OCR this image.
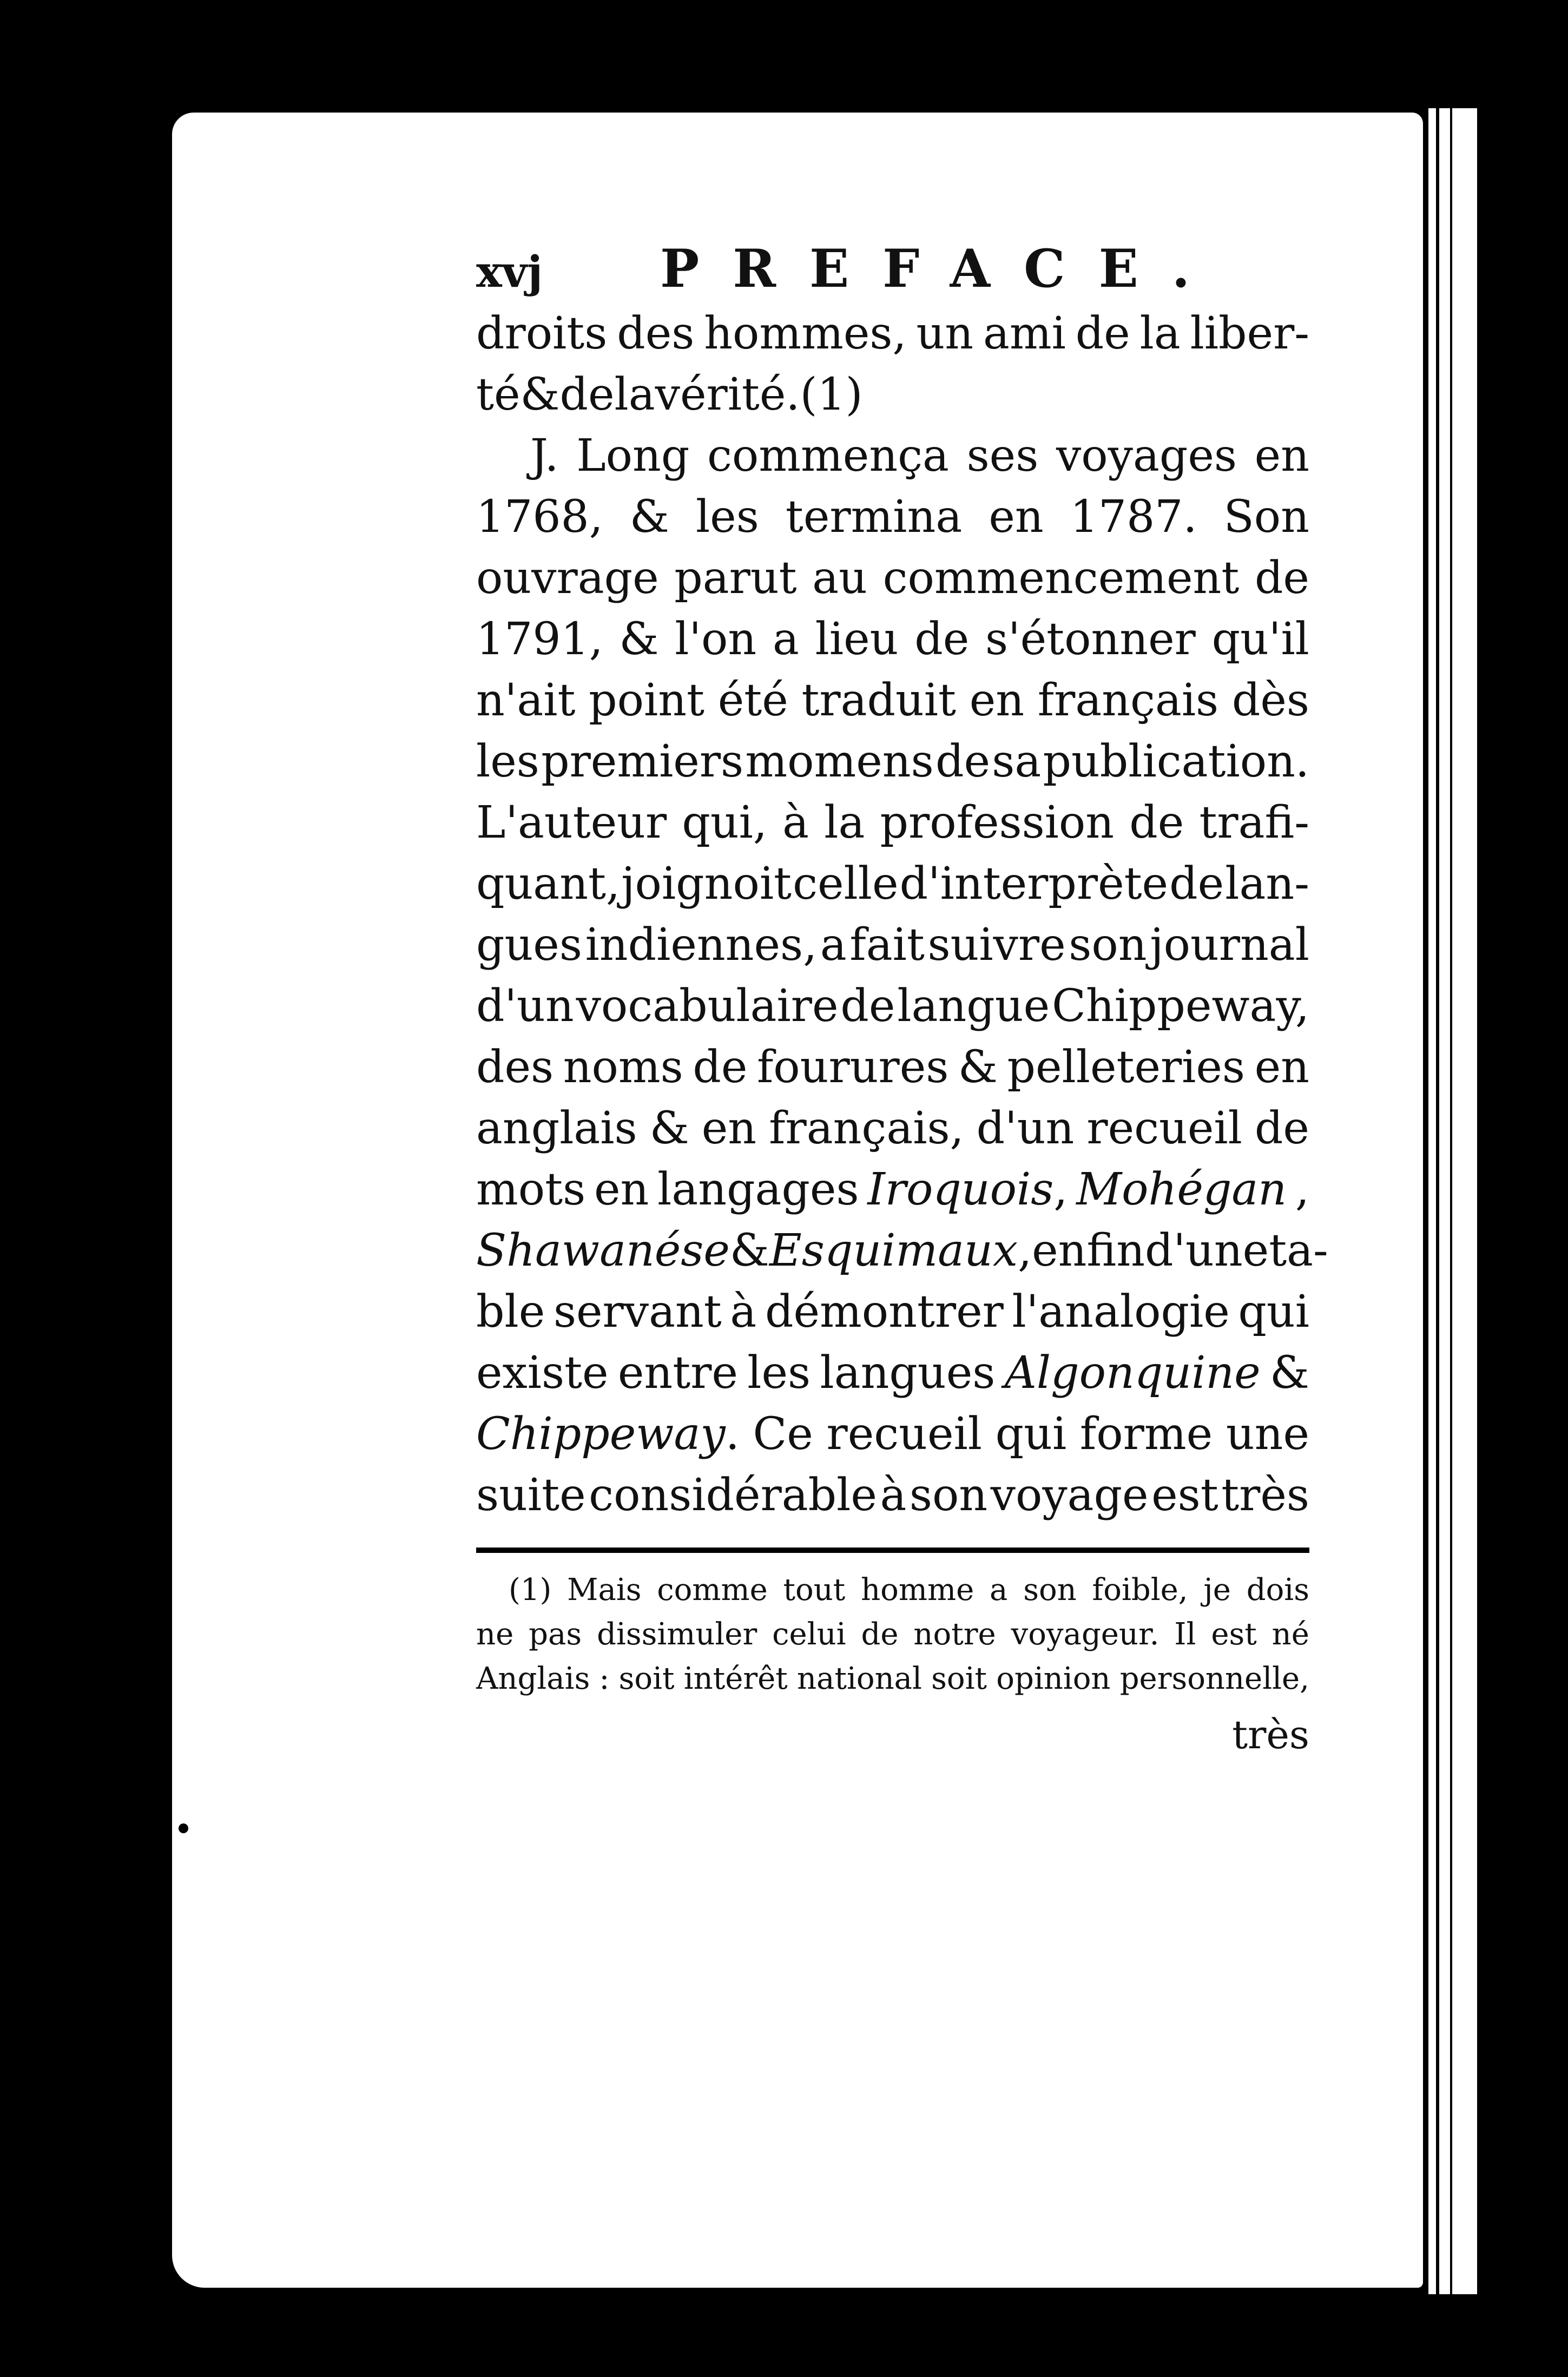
xvj	PREFACE.
droits des hommes, un ami de la liber-
té & de la vérité. (1)
J. Long commença ses voyages en
1768, & les termina en 1787. Son
ouvrage parut au commencement de
1791, & l'on a lieu de s'étonner qu'il
n'ait point été traduit en français dès
les premiers momens de sa publication.
L'auteur qui, à la profession de trafi-
quant, joignoit celle d'interprète de lan-
gues indiennes, a fait suivre son journal
d'un vocabulaire de langue Chippeway,
des noms de fourures & pelleteries en
anglais & en français, d'un recueil de
mots en langages Iroquois, Mohégan ,
Shawanése & Esquimaux, enfin d'une ta-
ble servant à démontrer l'analogie qui
existe entre les langues Algonquine &
Chippeway. Ce recueil qui forme une
suite considérable à son voyage est très
(1) Mais comme tout homme a son foible, je dois
ne pas dissimuler celui de notre voyageur. Il est né
Anglais : soit intérêt national soit opinion personnelle,
très
